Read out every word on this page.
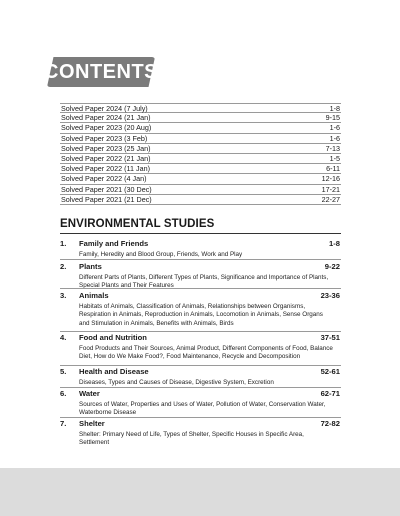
CONTENTS
Solved Paper 2024 (7 July)	1-8
Solved Paper 2024 (21 Jan)	9-15
Solved Paper 2023 (20 Aug)	1-6
Solved Paper 2023 (3 Feb)	1-6
Solved Paper 2023 (25 Jan)	7-13
Solved Paper 2022 (21 Jan)	1-5
Solved Paper 2022 (11 Jan)	6-11
Solved Paper 2022 (4 Jan)	12-16
Solved Paper 2021 (30 Dec)	17-21
Solved Paper 2021 (21 Dec)	22-27
ENVIRONMENTAL STUDIES
1. Family and Friends	1-8
Family, Heredity and Blood Group, Friends, Work and Play
2. Plants	9-22
Different Parts of Plants, Different Types of Plants, Significance and Importance of Plants, Special Plants and Their Features
3. Animals	23-36
Habitats of Animals, Classification of Animals, Relationships between Organisms, Respiration in Animals, Reproduction in Animals, Locomotion in Animals, Sense Organs and Stimulation in Animals, Benefits with Animals, Birds
4. Food and Nutrition	37-51
Food Products and Their Sources, Animal Product, Different Components of Food, Balance Diet, How do We Make Food?, Food Maintenance, Recycle and Decomposition
5. Health and Disease	52-61
Diseases, Types and Causes of Disease, Digestive System, Excretion
6. Water	62-71
Sources of Water, Properties and Uses of Water, Pollution of Water, Conservation Water, Waterborne Disease
7. Shelter	72-82
Shelter: Primary Need of Life, Types of Shelter, Specific Houses in Specific Area, Settlement
